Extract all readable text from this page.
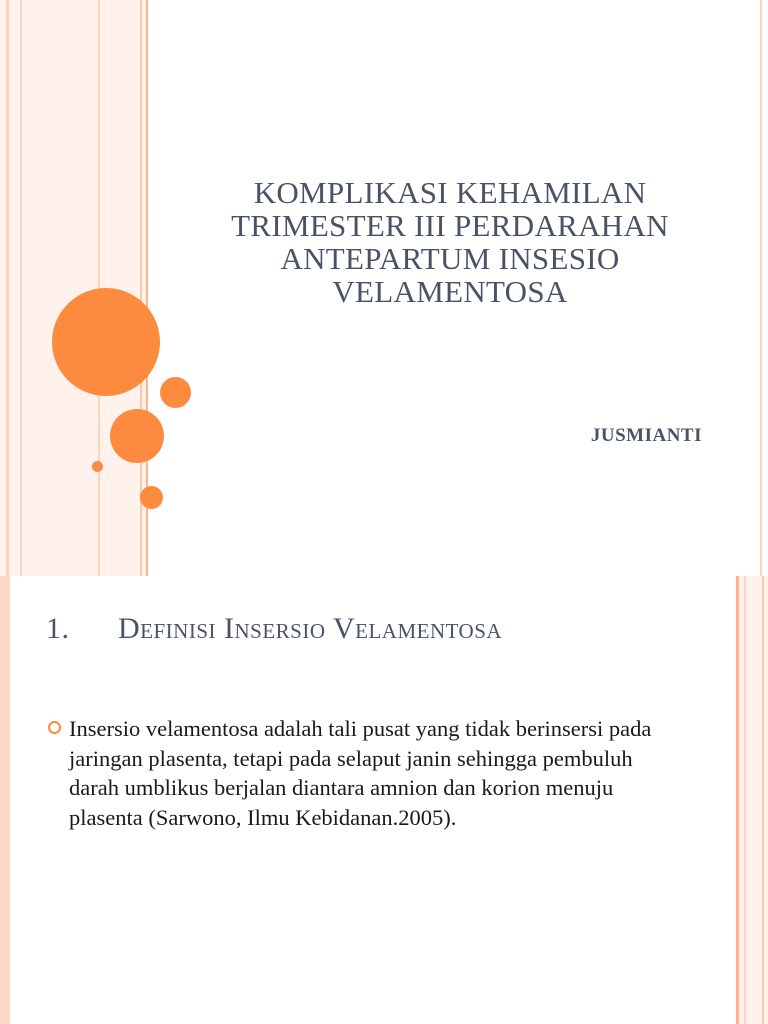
KOMPLIKASI KEHAMILAN
TRIMESTER III PERDARAHAN
ANTEPARTUM INSESIO
VELAMENTOSA
JUSMIANTI
1. Definisi Insersio Velamentosa
Insersio velamentosa adalah tali pusat yang tidak berinsersi pada jaringan plasenta, tetapi pada selaput janin sehingga pembuluh darah umblikus berjalan diantara amnion dan korion menuju plasenta (Sarwono, Ilmu Kebidanan.2005).
